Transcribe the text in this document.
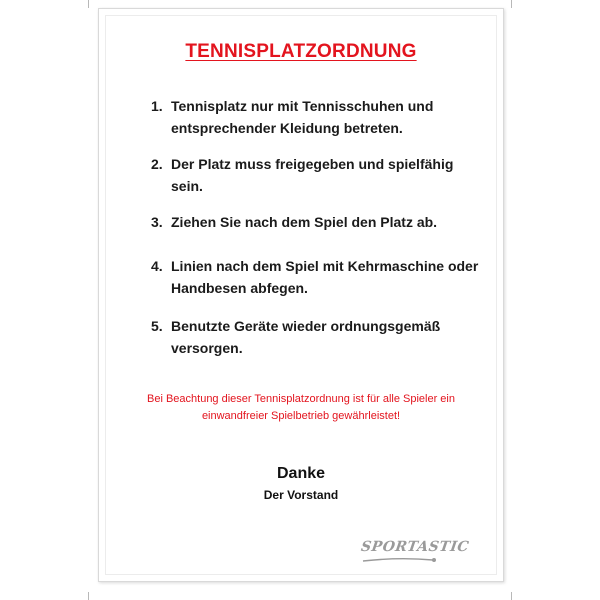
TENNISPLATZORDNUNG
1. Tennisplatz nur mit Tennisschuhen und entsprechender Kleidung betreten.
2. Der Platz muss freigegeben und spielfähig sein.
3. Ziehen Sie nach dem Spiel den Platz ab.
4. Linien nach dem Spiel mit Kehrmaschine oder Handbesen abfegen.
5. Benutzte Geräte wieder ordnungsgemäß versorgen.
Bei Beachtung dieser Tennisplatzordnung ist für alle Spieler ein einwandfreier Spielbetrieb gewährleistet!
Danke
Der Vorstand
SPORTASTIC
